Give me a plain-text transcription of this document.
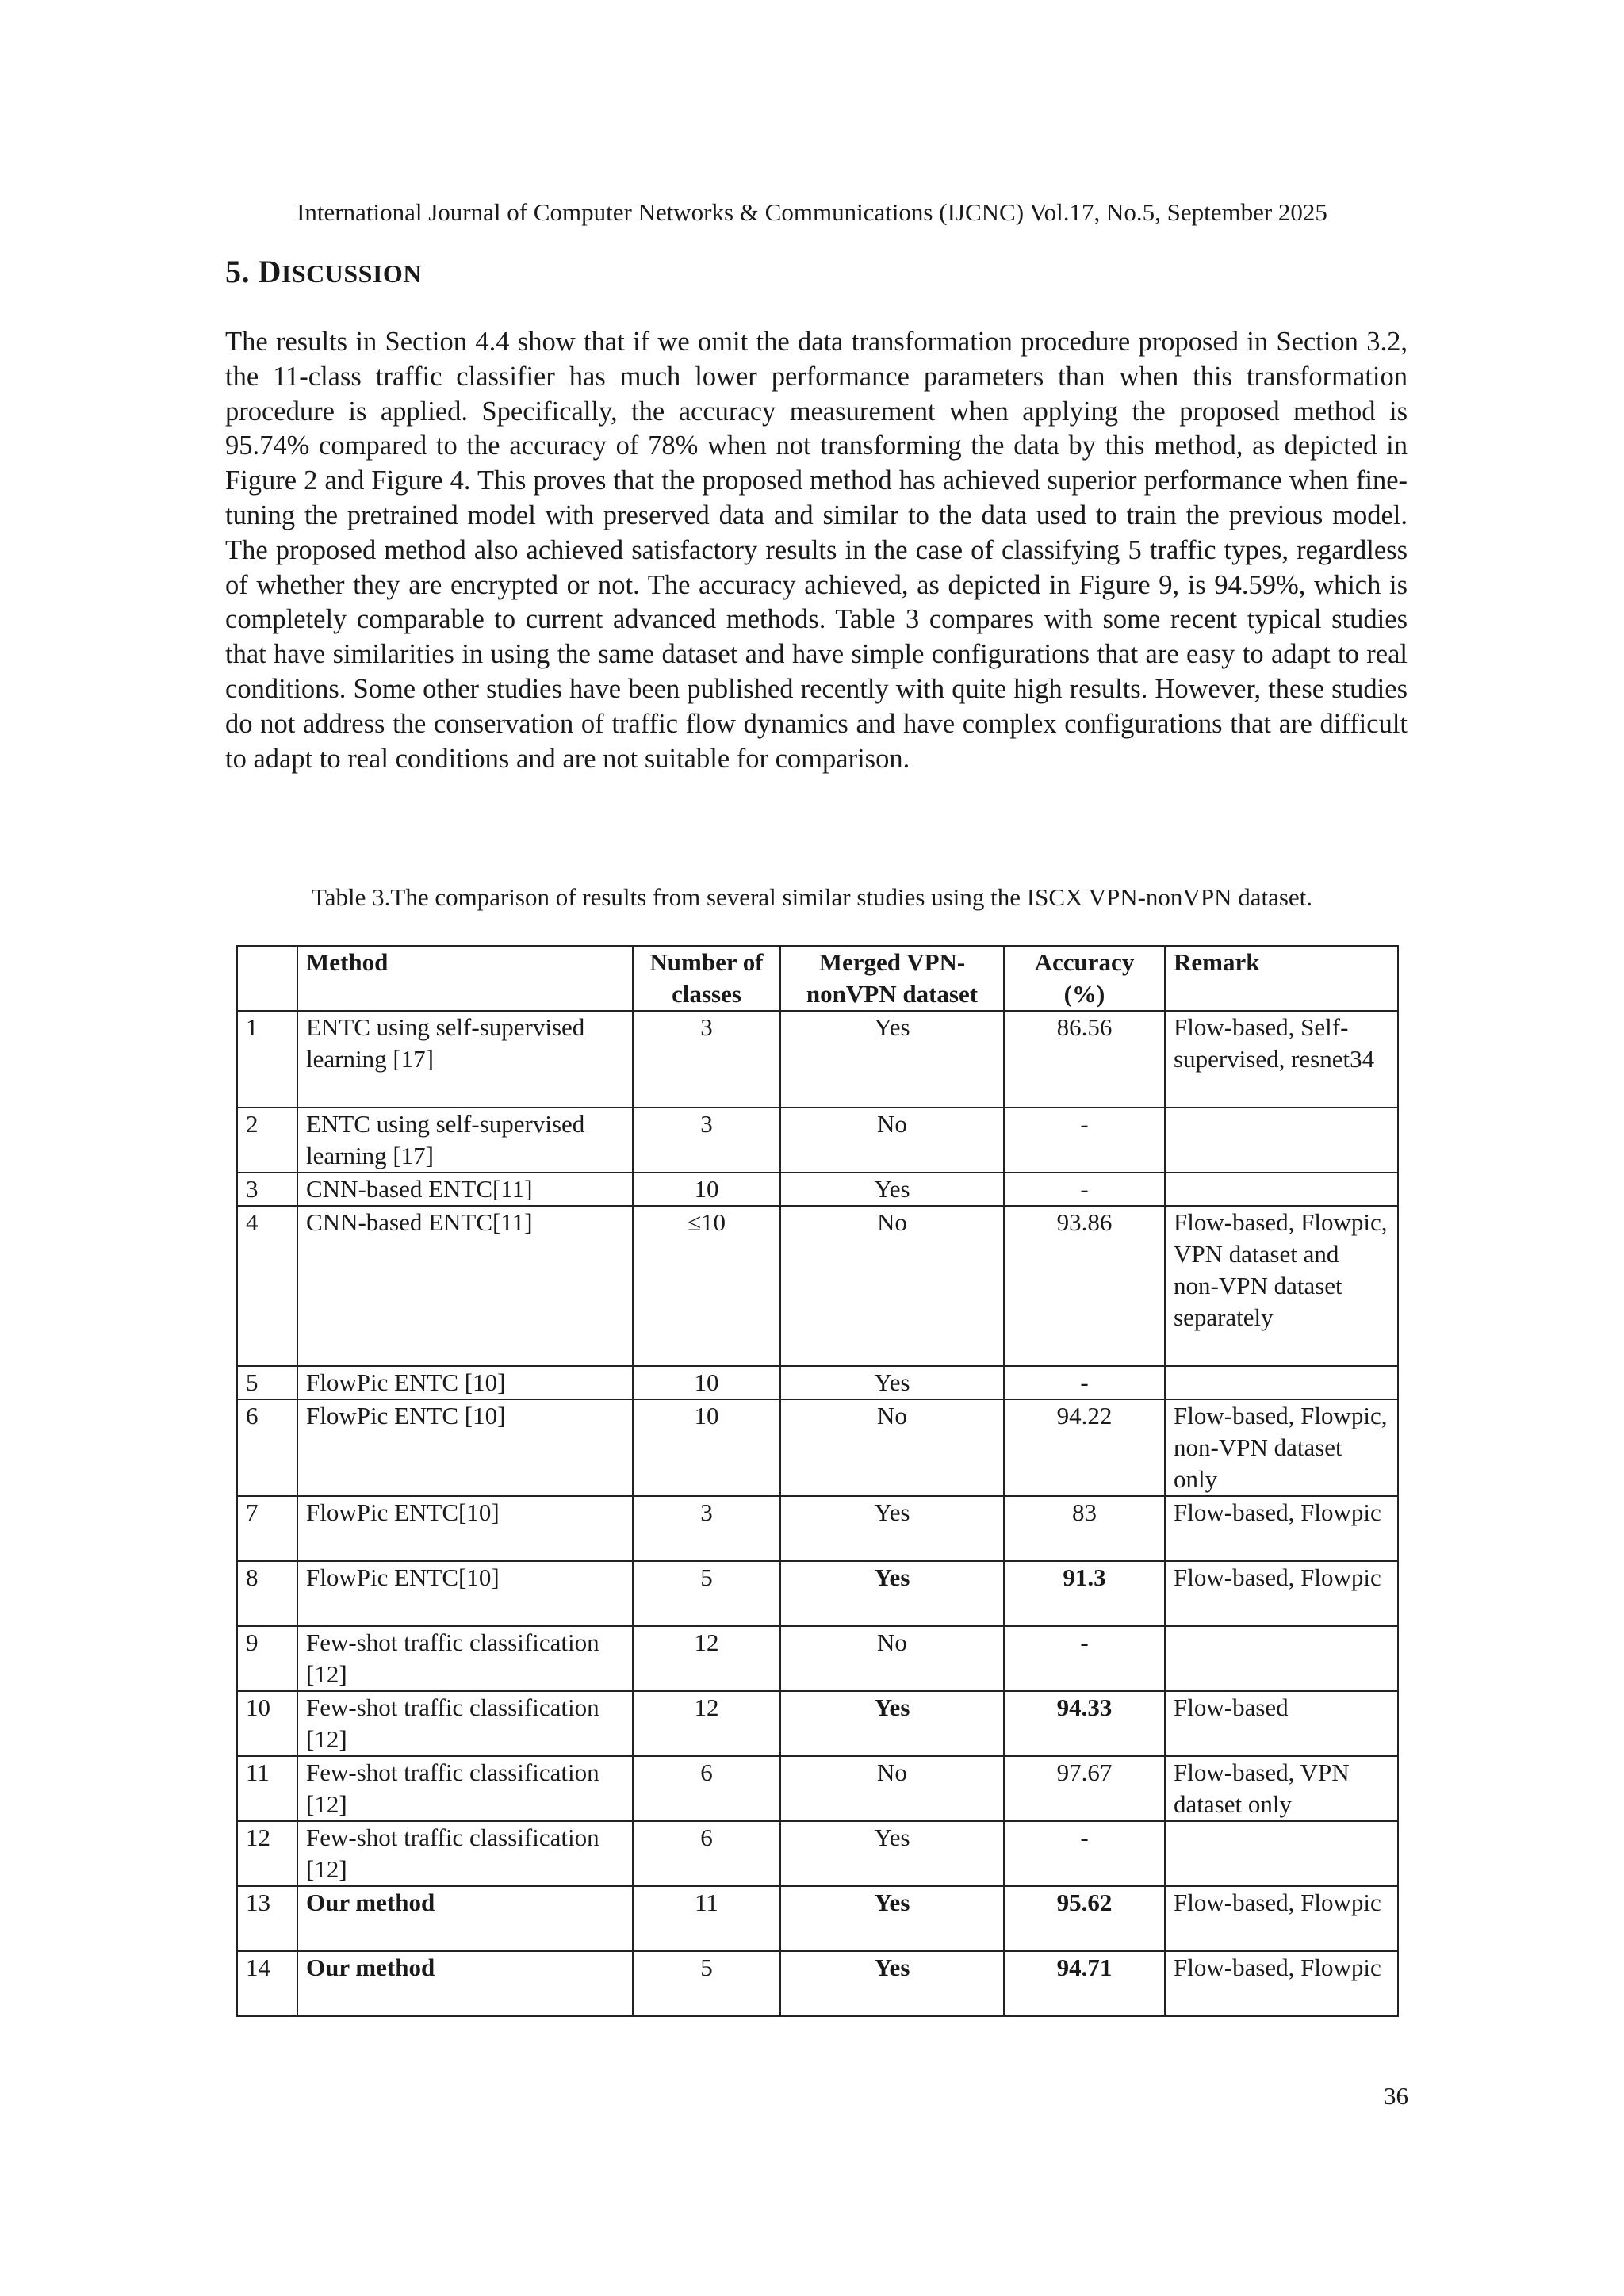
International Journal of Computer Networks & Communications (IJCNC) Vol.17, No.5, September 2025
5. DISCUSSION

The results in Section 4.4 show that if we omit the data transformation procedure proposed in Section 3.2, the 11-class traffic classifier has much lower performance parameters than when this transformation procedure is applied. Specifically, the accuracy measurement when applying the proposed method is 95.74% compared to the accuracy of 78% when not transforming the data by this method, as depicted in Figure 2 and Figure 4. This proves that the proposed method has achieved superior performance when fine-tuning the pretrained model with preserved data and similar to the data used to train the previous model. The proposed method also achieved satisfactory results in the case of classifying 5 traffic types, regardless of whether they are encrypted or not. The accuracy achieved, as depicted in Figure 9, is 94.59%, which is completely comparable to current advanced methods. Table 3 compares with some recent typical studies that have similarities in using the same dataset and have simple configurations that are easy to adapt to real conditions. Some other studies have been published recently with quite high results. However, these studies do not address the conservation of traffic flow dynamics and have complex configurations that are difficult to adapt to real conditions and are not suitable for comparison.

Table 3.The comparison of results from several similar studies using the ISCX VPN-nonVPN dataset.
	Method	Number of classes	Merged VPN-nonVPN dataset	Accuracy (%)	Remark
1	ENTC using self-supervised learning [17]	3	Yes	86.56	Flow-based, Self-supervised, resnet34
2	ENTC using self-supervised learning [17]	3	No	-	
3	CNN-based ENTC[11]	10	Yes	-	
4	CNN-based ENTC[11]	≤10	No	93.86	Flow-based, Flowpic, VPN dataset and non-VPN dataset separately
5	FlowPic ENTC [10]	10	Yes	-	
6	FlowPic ENTC [10]	10	No	94.22	Flow-based, Flowpic, non-VPN dataset only
7	FlowPic ENTC[10]	3	Yes	83	Flow-based, Flowpic
8	FlowPic ENTC[10]	5	Yes	91.3	Flow-based, Flowpic
9	Few-shot traffic classification [12]	12	No	-	
10	Few-shot traffic classification [12]	12	Yes	94.33	Flow-based
11	Few-shot traffic classification [12]	6	No	97.67	Flow-based, VPN dataset only
12	Few-shot traffic classification [12]	6	Yes	-	
13	Our method	11	Yes	95.62	Flow-based, Flowpic
14	Our method	5	Yes	94.71	Flow-based, Flowpic
36
